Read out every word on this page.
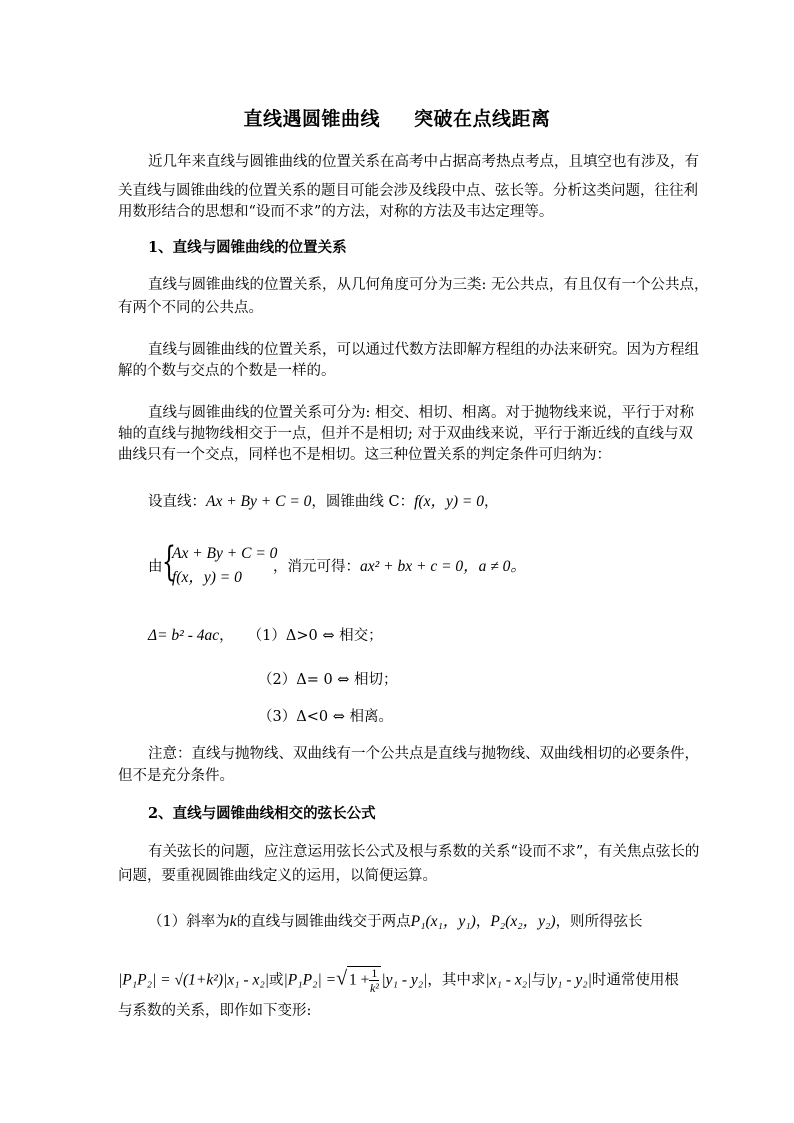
直线遇圆锥曲线 突破在点线距离
近几年来直线与圆锥曲线的位置关系在高考中占据高考热点考点，且填空也有涉及，有
关直线与圆锥曲线的位置关系的题目可能会涉及线段中点、弦长等。分析这类问题，往往利
用数形结合的思想和“设而不求”的方法，对称的方法及韦达定理等。
1、直线与圆锥曲线的位置关系
直线与圆锥曲线的位置关系，从几何角度可分为三类: 无公共点，有且仅有一个公共点，
有两个不同的公共点。
直线与圆锥曲线的位置关系，可以通过代数方法即解方程组的办法来研究。因为方程组
解的个数与交点的个数是一样的。
直线与圆锥曲线的位置关系可分为: 相交、相切、相离。对于抛物线来说，平行于对称
轴的直线与抛物线相交于一点，但并不是相切; 对于双曲线来说，平行于渐近线的直线与双
曲线只有一个交点，同样也不是相切。这三种位置关系的判定条件可归纳为：
设直线：Ax + By + C = 0，圆锥曲线 C：f(x，y) = 0，
由 {
Ax + By + C = 0
f(x，y) = 0
，消元可得：ax² + bx + c = 0，a ≠ 0。
Δ= b² - 4ac， （1）Δ>0 ⇔ 相交；
（2）Δ= 0 ⇔ 相切；
（3）Δ<0 ⇔ 相离。
注意：直线与抛物线、双曲线有一个公共点是直线与抛物线、双曲线相切的必要条件，
但不是充分条件。
2、直线与圆锥曲线相交的弦长公式
有关弦长的问题，应注意运用弦长公式及根与系数的关系“设而不求”，有关焦点弦长的
问题，要重视圆锥曲线定义的运用，以简便运算。
（1）斜率为k的直线与圆锥曲线交于两点P₁(x₁，y₁)，P₂(x₂，y₂)，则所得弦长
|P₁P₂| = √(1+k²)|x₁ - x₂|或|P₁P₂| =√ $1 + \frac{1}{\text{k²}} |y_1 - y_2|$，其中求|x₁ - x₂|与|y₁ - y₂|时通常使用根
与系数的关系，即作如下变形:
